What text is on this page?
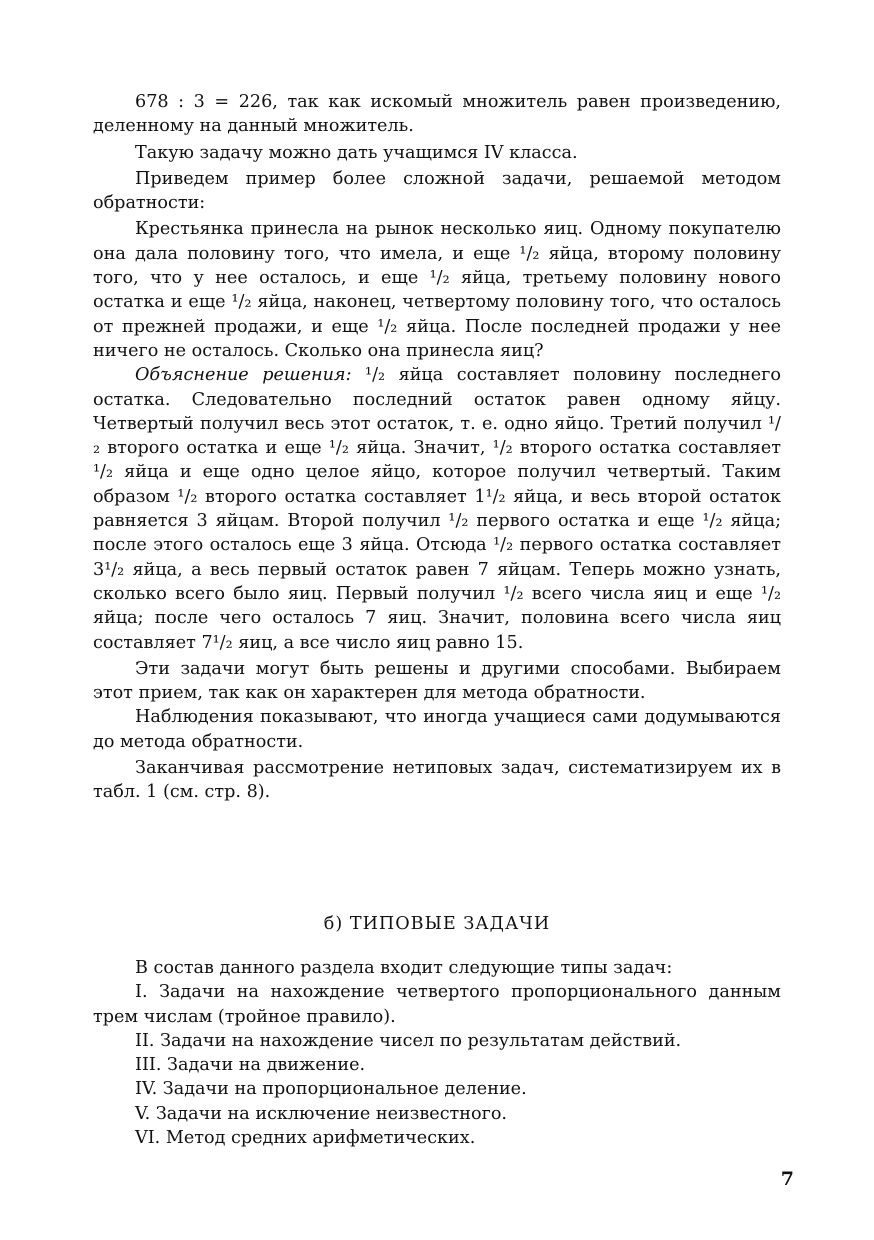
678 : 3 = 226, так как искомый множитель равен произведению, деленному на данный множитель.

Такую задачу можно дать учащимся IV класса.

Приведем пример более сложной задачи, решаемой методом обратности:

Крестьянка принесла на рынок несколько яиц. Одному покупателю она дала половину того, что имела, и еще ¹/₂ яйца, второму половину того, что у нее осталось, и еще ¹/₂ яйца, третьему половину нового остатка и еще ¹/₂ яйца, наконец, четвертому половину того, что осталось от прежней продажи, и еще ¹/₂ яйца. После последней продажи у нее ничего не осталось. Сколько она принесла яиц?

Объяснение решения: ¹/₂ яйца составляет половину последнего остатка. Следовательно последний остаток равен одному яйцу. Четвертый получил весь этот остаток, т. е. одно яйцо. Третий получил ¹/₂ второго остатка и еще ¹/₂ яйца. Значит, ¹/₂ второго остатка составляет ¹/₂ яйца и еще одно целое яйцо, которое получил четвертый. Таким образом ¹/₂ второго остатка составляет 1¹/₂ яйца, и весь второй остаток равняется 3 яйцам. Второй получил ¹/₂ первого остатка и еще ¹/₂ яйца; после этого осталось еще 3 яйца. Отсюда ¹/₂ первого остатка составляет 3¹/₂ яйца, а весь первый остаток равен 7 яйцам. Теперь можно узнать, сколько всего было яиц. Первый получил ¹/₂ всего числа яиц и еще ¹/₂ яйца; после чего осталось 7 яиц. Значит, половина всего числа яиц составляет 7¹/₂ яиц, а все число яиц равно 15.

Эти задачи могут быть решены и другими способами. Выбираем этот прием, так как он характерен для метода обратности.

Наблюдения показывают, что иногда учащиеся сами додумываются до метода обратности.

Заканчивая рассмотрение нетиповых задач, систематизируем их в табл. 1 (см. стр. 8).

б) ТИПОВЫЕ ЗАДАЧИ

В состав данного раздела входит следующие типы задач:

I. Задачи на нахождение четвертого пропорционального данным трем числам (тройное правило).

II. Задачи на нахождение чисел по результатам действий.

III. Задачи на движение.

IV. Задачи на пропорциональное деление.

V. Задачи на исключение неизвестного.

VI. Метод средних арифметических.

7
